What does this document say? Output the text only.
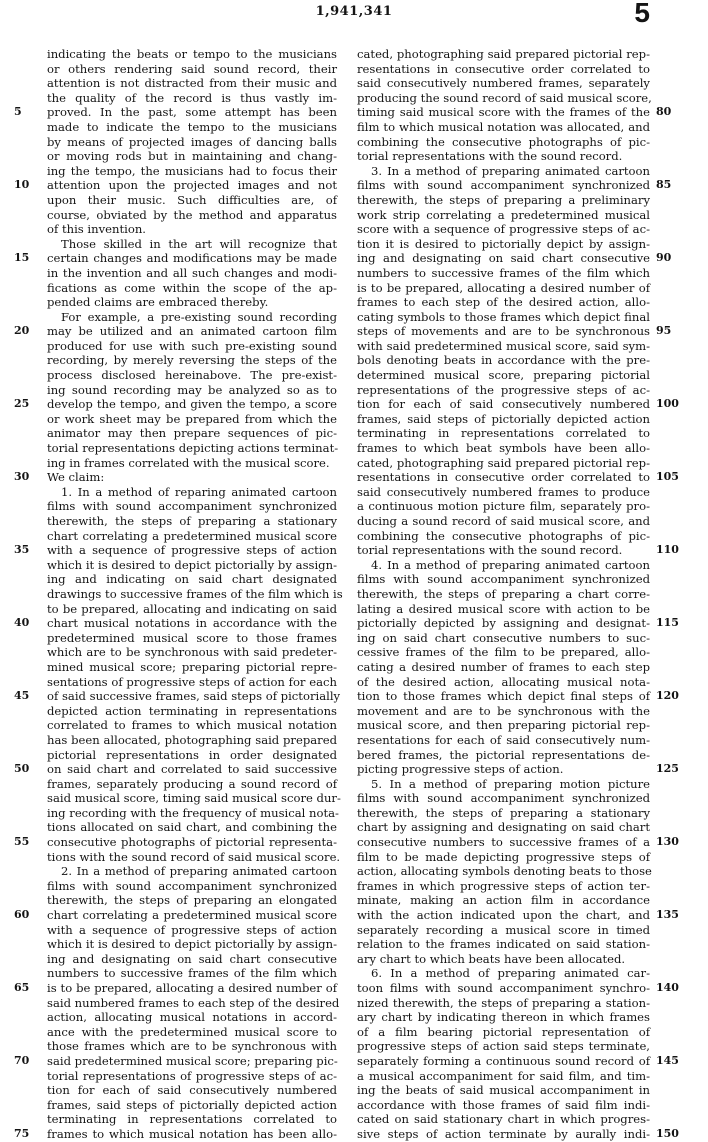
1,941,341	5
5
10
15
20
25
30
35
40
45
50
55
60
65
70
75
indicating the beats or tempo to the musicians
or others rendering said sound record, their
attention is not distracted from their music and
the quality of the record is thus vastly im-
proved. In the past, some attempt has been
made to indicate the tempo to the musicians
by means of projected images of dancing balls
or moving rods but in maintaining and chang-
ing the tempo, the musicians had to focus their
attention upon the projected images and not
upon their music. Such difficulties are, of
course, obviated by the method and apparatus
of this invention.
Those skilled in the art will recognize that
certain changes and modifications may be made
in the invention and all such changes and modi-
fications as come within the scope of the ap-
pended claims are embraced thereby.
For example, a pre-existing sound recording
may be utilized and an animated cartoon film
produced for use with such pre-existing sound
recording, by merely reversing the steps of the
process disclosed hereinabove. The pre-exist-
ing sound recording may be analyzed so as to
develop the tempo, and given the tempo, a score
or work sheet may be prepared from which the
animator may then prepare sequences of pic-
torial representations depicting actions terminat-
ing in frames correlated with the musical score.
We claim:
1. In a method of reparing animated cartoon
films with sound accompaniment synchronized
therewith, the steps of preparing a stationary
chart correlating a predetermined musical score
with a sequence of progressive steps of action
which it is desired to depict pictorially by assign-
ing and indicating on said chart designated
drawings to successive frames of the film which is
to be prepared, allocating and indicating on said
chart musical notations in accordance with the
predetermined musical score to those frames
which are to be synchronous with said predeter-
mined musical score; preparing pictorial repre-
sentations of progressive steps of action for each
of said successive frames, said steps of pictorially
depicted action terminating in representations
correlated to frames to which musical notation
has been allocated, photographing said prepared
pictorial representations in order designated
on said chart and correlated to said successive
frames, separately producing a sound record of
said musical score, timing said musical score dur-
ing recording with the frequency of musical nota-
tions allocated on said chart, and combining the
consecutive photographs of pictorial representa-
tions with the sound record of said musical score.
2. In a method of preparing animated cartoon
films with sound accompaniment synchronized
therewith, the steps of preparing an elongated
chart correlating a predetermined musical score
with a sequence of progressive steps of action
which it is desired to depict pictorially by assign-
ing and designating on said chart consecutive
numbers to successive frames of the film which
is to be prepared, allocating a desired number of
said numbered frames to each step of the desired
action, allocating musical notations in accord-
ance with the predetermined musical score to
those frames which are to be synchronous with
said predetermined musical score; preparing pic-
torial representations of progressive steps of ac-
tion for each of said consecutively numbered
frames, said steps of pictorially depicted action
terminating in representations correlated to
frames to which musical notation has been allo-
cated, photographing said prepared pictorial rep-
resentations in consecutive order correlated to
said consecutively numbered frames, separately
producing the sound record of said musical score,
timing said musical score with the frames of the
film to which musical notation was allocated, and
combining the consecutive photographs of pic-
torial representations with the sound record.
3. In a method of preparing animated cartoon
films with sound accompaniment synchronized
therewith, the steps of preparing a preliminary
work strip correlating a predetermined musical
score with a sequence of progressive steps of ac-
tion it is desired to pictorially depict by assign-
ing and designating on said chart consecutive
numbers to successive frames of the film which
is to be prepared, allocating a desired number of
frames to each step of the desired action, allo-
cating symbols to those frames which depict final
steps of movements and are to be synchronous
with said predetermined musical score, said sym-
bols denoting beats in accordance with the pre-
determined musical score, preparing pictorial
representations of the progressive steps of ac-
tion for each of said consecutively numbered
frames, said steps of pictorially depicted action
terminating in representations correlated to
frames to which beat symbols have been allo-
cated, photographing said prepared pictorial rep-
resentations in consecutive order correlated to
said consecutively numbered frames to produce
a continuous motion picture film, separately pro-
ducing a sound record of said musical score, and
combining the consecutive photographs of pic-
torial representations with the sound record.
4. In a method of preparing animated cartoon
films with sound accompaniment synchronized
therewith, the steps of preparing a chart corre-
lating a desired musical score with action to be
pictorially depicted by assigning and designat-
ing on said chart consecutive numbers to suc-
cessive frames of the film to be prepared, allo-
cating a desired number of frames to each step
of the desired action, allocating musical nota-
tion to those frames which depict final steps of
movement and are to be synchronous with the
musical score, and then preparing pictorial rep-
resentations for each of said consecutively num-
bered frames, the pictorial representations de-
picting progressive steps of action.
5. In a method of preparing motion picture
films with sound accompaniment synchronized
therewith, the steps of preparing a stationary
chart by assigning and designating on said chart
consecutive numbers to successive frames of a
film to be made depicting progressive steps of
action, allocating symbols denoting beats to those
frames in which progressive steps of action ter-
minate, making an action film in accordance
with the action indicated upon the chart, and
separately recording a musical score in timed
relation to the frames indicated on said station-
ary chart to which beats have been allocated.
6. In a method of preparing animated car-
toon films with sound accompaniment synchro-
nized therewith, the steps of preparing a station-
ary chart by indicating thereon in which frames
of a film bearing pictorial representation of
progressive steps of action said steps terminate,
separately forming a continuous sound record of
a musical accompaniment for said film, and tim-
ing the beats of said musical accompaniment in
accordance with those frames of said film indi-
cated on said stationary chart in which progres-
sive steps of action terminate by aurally indi-
80
85
90
95
100
105
110
115
120
125
130
135
140
145
150
